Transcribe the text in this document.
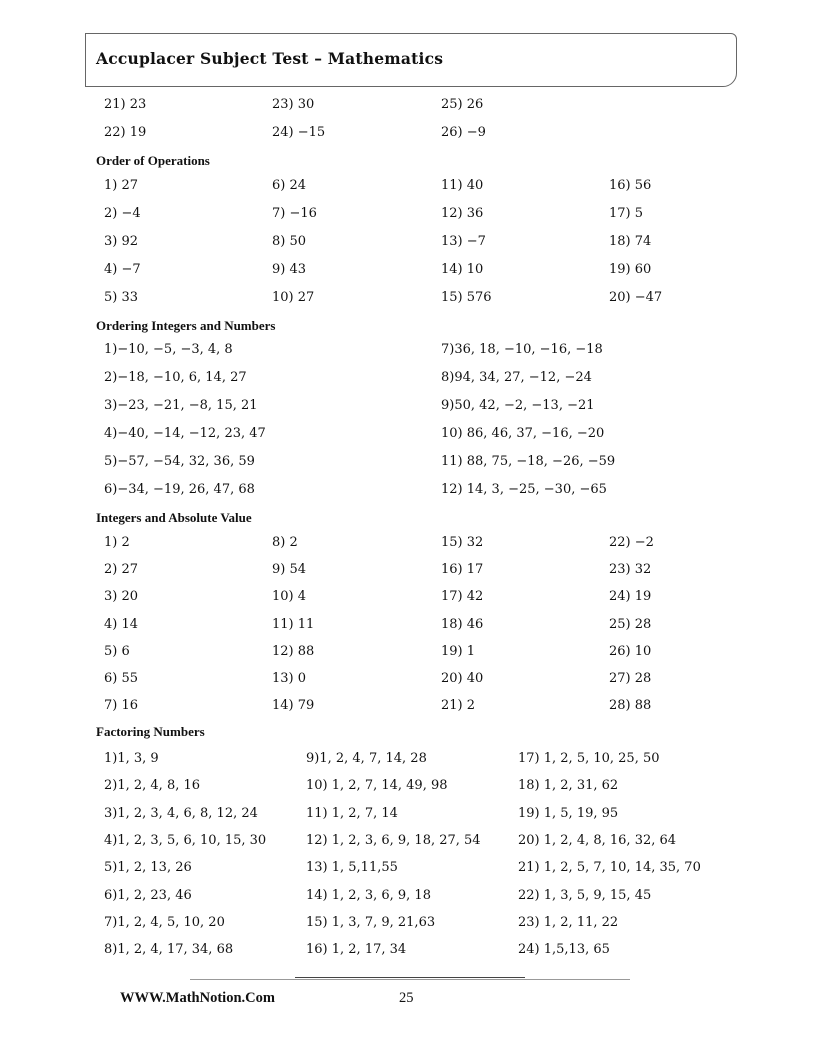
Accuplacer Subject Test – Mathematics
21) 23	23) 30	25) 26
22) 19	24) −15	26) −9
Order of Operations
1) 27	6) 24	11) 40	16) 56
2) −4	7) −16	12) 36	17) 5
3) 92	8) 50	13) −7	18) 74
4) −7	9) 43	14) 10	19) 60
5) 33	10) 27	15) 576	20) −47
Ordering Integers and Numbers
1)−10, −5, −3, 4, 8	7)36, 18, −10, −16, −18
2)−18, −10, 6, 14, 27	8)94, 34, 27, −12, −24
3)−23, −21, −8, 15, 21	9)50, 42, −2, −13, −21
4)−40, −14, −12, 23, 47	10) 86, 46, 37, −16, −20
5)−57, −54, 32, 36, 59	11) 88, 75, −18, −26, −59
6)−34, −19, 26, 47, 68	12) 14, 3, −25, −30, −65
Integers and Absolute Value
1) 2	8) 2	15) 32	22) −2
2) 27	9) 54	16) 17	23) 32
3) 20	10) 4	17) 42	24) 19
4) 14	11) 11	18) 46	25) 28
5) 6	12) 88	19) 1	26) 10
6) 55	13) 0	20) 40	27) 28
7) 16	14) 79	21) 2	28) 88
Factoring Numbers
1)1, 3, 9	9)1, 2, 4, 7, 14, 28	17) 1, 2, 5, 10, 25, 50
2)1, 2, 4, 8, 16	10) 1, 2, 7, 14, 49, 98	18) 1, 2, 31, 62
3)1, 2, 3, 4, 6, 8, 12, 24	11) 1, 2, 7, 14	19) 1, 5, 19, 95
4)1, 2, 3, 5, 6, 10, 15, 30	12) 1, 2, 3, 6, 9, 18, 27, 54	20) 1, 2, 4, 8, 16, 32, 64
5)1, 2, 13, 26	13) 1, 5,11,55	21) 1, 2, 5, 7, 10, 14, 35, 70
6)1, 2, 23, 46	14) 1, 2, 3, 6, 9, 18	22) 1, 3, 5, 9, 15, 45
7)1, 2, 4, 5, 10, 20	15) 1, 3, 7, 9, 21,63	23) 1, 2, 11, 22
8)1, 2, 4, 17, 34, 68	16) 1, 2, 17, 34	24) 1,5,13, 65
WWW.MathNotion.Com	25
